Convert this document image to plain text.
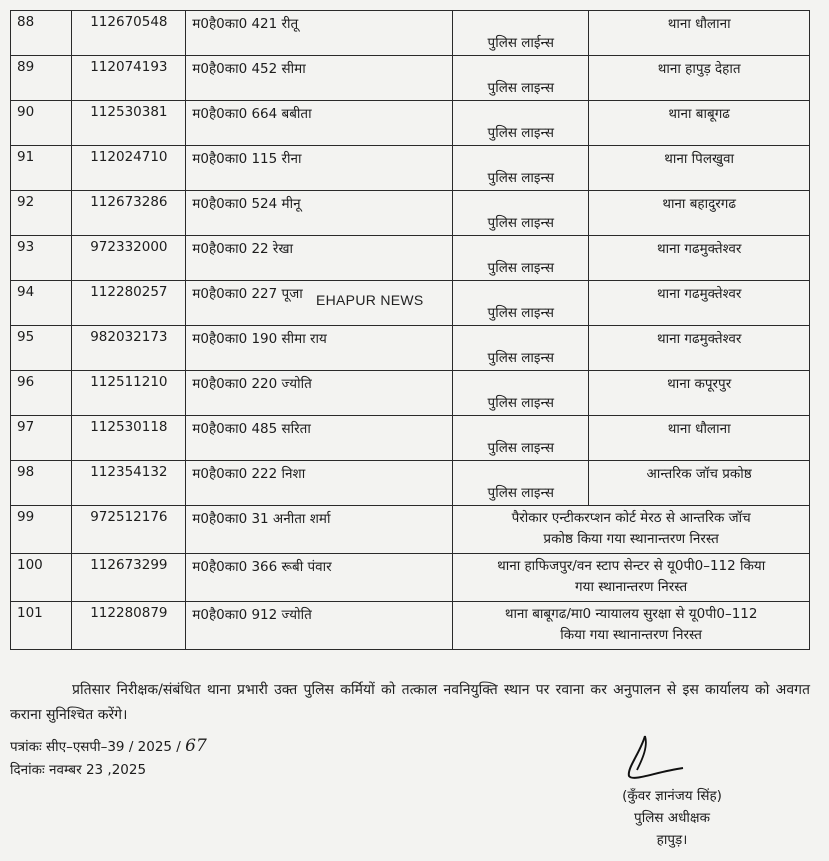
88	112670548	म0है0का0 421 रीतू	पुलिस लाईन्स	थाना धौलाना
89	112074193	म0है0का0 452 सीमा	पुलिस लाइन्स	थाना हापुड़ देहात
90	112530381	म0है0का0 664 बबीता	पुलिस लाइन्स	थाना बाबूगढ
91	112024710	म0है0का0 115 रीना	पुलिस लाइन्स	थाना पिलखुवा
92	112673286	म0है0का0 524 मीनू	पुलिस लाइन्स	थाना बहादुरगढ
93	972332000	म0है0का0 22 रेखा	पुलिस लाइन्स	थाना गढमुक्तेश्वर
94	112280257	म0है0का0 227 पूजा	पुलिस लाइन्स	थाना गढमुक्तेश्वर
95	982032173	म0है0का0 190 सीमा राय	पुलिस लाइन्स	थाना गढमुक्तेश्वर
96	112511210	म0है0का0 220 ज्योति	पुलिस लाइन्स	थाना कपूरपुर
97	112530118	म0है0का0 485 सरिता	पुलिस लाइन्स	थाना धौलाना
98	112354132	म0है0का0 222 निशा	पुलिस लाइन्स	आन्तरिक जॉच प्रकोष्ठ
99	972512176	म0है0का0 31 अनीता शर्मा	पैरोकार एन्टीकरप्शन कोर्ट मेरठ से आन्तरिक जॉच
प्रकोष्ठ किया गया स्थानान्तरण निरस्त	

100	112673299	म0है0का0 366 रूबी पंवार	थाना हाफिजपुर/वन स्टाप सेन्टर से यू0पी0–112 किया
गया स्थानान्तरण निरस्त	

101	112280879	म0है0का0 912 ज्योति	थाना बाबूगढ/मा0 न्यायालय सुरक्षा से यू0पी0–112
किया गया स्थानान्तरण निरस्त	
EHAPUR NEWS
प्रतिसार निरीक्षक/संबंधित थाना प्रभारी उक्त पुलिस कर्मियों को तत्काल नवनियुक्ति स्थान पर रवाना कर अनुपालन से इस कार्यालय को अवगत कराना सुनिश्चित करेंगे।
पत्रांकः सीए–एसपी–39 / 2025 / 67
दिनांकः नवम्बर 23 ,2025
(कुँवर ज्ञानंजय सिंह)
पुलिस अधीक्षक
हापुड़।
